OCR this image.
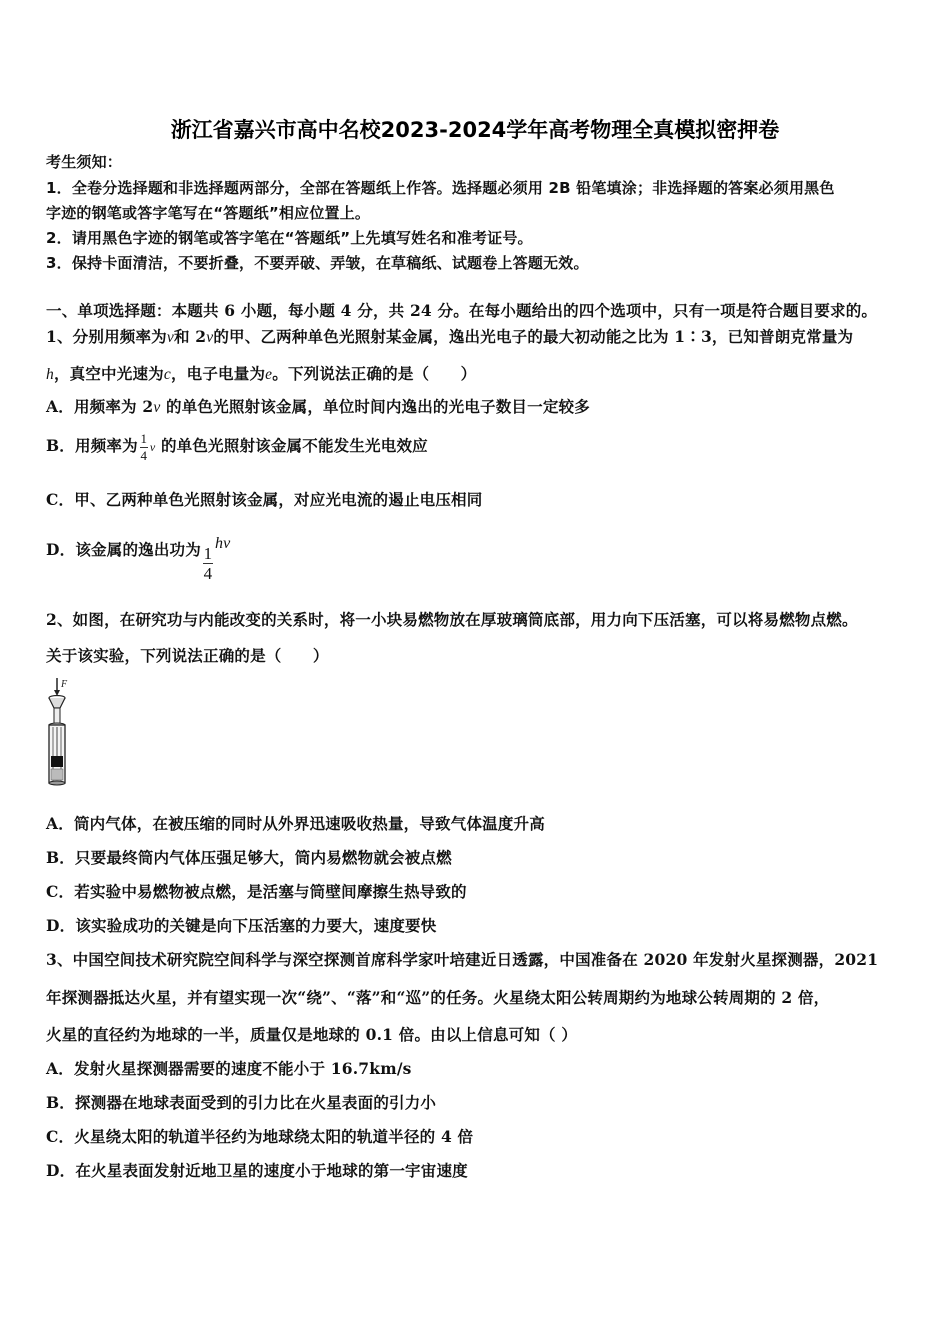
浙江省嘉兴市高中名校2023-2024学年高考物理全真模拟密押卷
考生须知：
1．全卷分选择题和非选择题两部分，全部在答题纸上作答。选择题必须用 2B 铅笔填涂；非选择题的答案必须用黑色
字迹的钢笔或答字笔写在“答题纸”相应位置上。
2．请用黑色字迹的钢笔或答字笔在“答题纸”上先填写姓名和准考证号。
3．保持卡面清洁，不要折叠，不要弄破、弄皱，在草稿纸、试题卷上答题无效。
一、单项选择题：本题共 6 小题，每小题 4 分，共 24 分。在每小题给出的四个选项中，只有一项是符合题目要求的。
1、分别用频率为v和 2v的甲、乙两种单色光照射某金属，逸出光电子的最大初动能之比为 1∶3，已知普朗克常量为
h，真空中光速为c，电子电量为e。下列说法正确的是（　　）
A．用频率为 2v 的单色光照射该金属，单位时间内逸出的光电子数目一定较多
B．用频率为 $\frac{1}{4}$ v 的单色光照射该金属不能发生光电效应
C．甲、乙两种单色光照射该金属，对应光电流的遏止电压相同
D．该金属的逸出功为 $\frac{1}{4}$
hν
2、如图，在研究功与内能改变的关系时，将一小块易燃物放在厚玻璃筒底部，用力向下压活塞，可以将易燃物点燃。
关于该实验，下列说法正确的是（　　）
F
A．筒内气体，在被压缩的同时从外界迅速吸收热量，导致气体温度升高
B．只要最终筒内气体压强足够大，筒内易燃物就会被点燃
C．若实验中易燃物被点燃，是活塞与筒壁间摩擦生热导致的
D．该实验成功的关键是向下压活塞的力要大，速度要快
3、中国空间技术研究院空间科学与深空探测首席科学家叶培建近日透露，中国准备在 2020 年发射火星探测器，2021
年探测器抵达火星，并有望实现一次“绕”、“落”和“巡”的任务。火星绕太阳公转周期约为地球公转周期的 2 倍，
火星的直径约为地球的一半，质量仅是地球的 0.1 倍。由以上信息可知（ ）
A．发射火星探测器需要的速度不能小于 16.7km/s
B．探测器在地球表面受到的引力比在火星表面的引力小
C．火星绕太阳的轨道半径约为地球绕太阳的轨道半径的 4 倍
D．在火星表面发射近地卫星的速度小于地球的第一宇宙速度
